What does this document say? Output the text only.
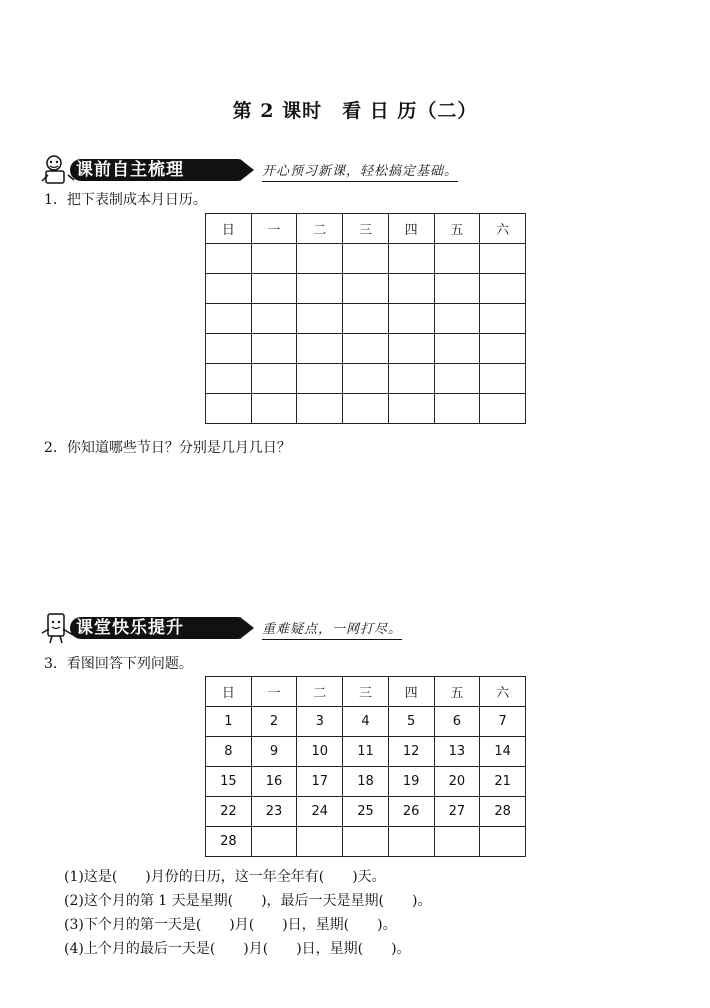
第 2 课时　看 日 历（二）
课前自主梳理	开心预习新课，轻松搞定基础。
1．把下表制成本月日历。
日	一	二	三	四	五	六

2．你知道哪些节日？分别是几月几日？
课堂快乐提升	重难疑点，一网打尽。
3．看图回答下列问题。
日	一	二	三	四	五	六
1	2	3	4	5	6	7
8	9	10	11	12	13	14
15	16	17	18	19	20	21
22	23	24	25	26	27	28
28						
(1)这是(　　)月份的日历，这一年全年有(　　)天。
(2)这个月的第 1 天是星期(　　)，最后一天是星期(　　)。
(3)下个月的第一天是(　　)月(　　)日，星期(　　)。
(4)上个月的最后一天是(　　)月(　　)日，星期(　　)。
